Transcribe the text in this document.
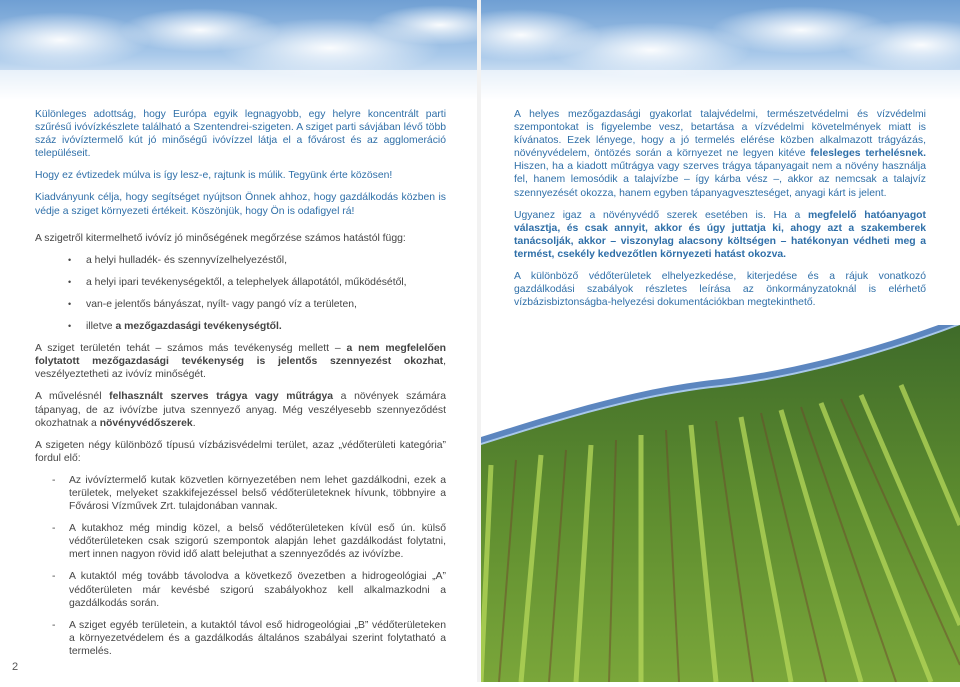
Különleges adottság, hogy Európa egyik legnagyobb, egy helyre koncentrált parti szűrésű ivóvízkészlete található a Szentendrei-szigeten. A sziget parti sávjában lévő több száz ivóvíztermelő kút jó minőségű ivóvízzel látja el a fővárost és az agglomeráció településeit.

Hogy ez évtizedek múlva is így lesz-e, rajtunk is múlik. Tegyünk érte közösen!

Kiadványunk célja, hogy segítséget nyújtson Önnek ahhoz, hogy gazdálkodás közben is védje a sziget környezeti értékeit. Köszönjük, hogy Ön is odafigyel rá!

A szigetről kitermelhető ivóvíz jó minőségének megőrzése számos hatástól függ:

• a helyi hulladék- és szennyvízelhelyezéstől,
• a helyi ipari tevékenységektől, a telephelyek állapotától, működésétől,
• van-e jelentős bányászat, nyílt- vagy pangó víz a területen,
• illetve a mezőgazdasági tevékenységtől.

A sziget területén tehát – számos más tevékenység mellett – a nem megfelelően folytatott mezőgazdasági tevékenység is jelentős szennyezést okozhat, veszélyeztetheti az ivóvíz minőségét.

A művelésnél felhasznált szerves trágya vagy műtrágya a növények számára tápanyag, de az ivóvízbe jutva szennyező anyag. Még veszélyesebb szennyeződést okozhatnak a növényvédőszerek.

A szigeten négy különböző típusú vízbázisvédelmi terület, azaz „védőterületi kategória” fordul elő:

- Az ivóvíztermelő kutak közvetlen környezetében nem lehet gazdálkodni, ezek a területek, melyeket szakkifejezéssel belső védőterületeknek hívunk, többnyire a Fővárosi Vízművek Zrt. tulajdonában vannak.
- A kutakhoz még mindig közel, a belső védőterületeken kívül eső ún. külső védőterületeken csak szigorú szempontok alapján lehet gazdálkodást folytatni, mert innen nagyon rövid idő alatt belejuthat a szennyeződés az ivóvízbe.
- A kutaktól még tovább távolodva a következő övezetben a hidrogeológiai „A” védőterületen már kevésbé szigorú szabályokhoz kell alkalmazkodni a gazdálkodás során.
- A sziget egyéb területein, a kutaktól távol eső hidrogeológiai „B” védőterületeken a környezetvédelem és a gazdálkodás általános szabályai szerint folytatható a termelés.

A helyes mezőgazdasági gyakorlat talajvédelmi, természetvédelmi és vízvédelmi szempontokat is figyelembe vesz, betartása a vízvédelmi követelmények miatt is kívánatos. Ezek lényege, hogy a jó termelés elérése közben alkalmazott trágyázás, növényvédelem, öntözés során a környezet ne legyen kitéve felesleges terhelésnek. Hiszen, ha a kiadott műtrágya vagy szerves trágya tápanyagait nem a növény használja fel, hanem lemosódik a talajvízbe – így kárba vész –, akkor az nemcsak a talajvíz szennyezését okozza, hanem egyben tápanyagveszteséget, anyagi kárt is jelent.

Ugyanez igaz a növényvédő szerek esetében is. Ha a megfelelő hatóanyagot választja, és csak annyit, akkor és úgy juttatja ki, ahogy azt a szakemberek tanácsolják, akkor – viszonylag alacsony költségen – hatékonyan védheti meg a termést, csekély kedvezőtlen környezeti hatást okozva.

A különböző védőterületek elhelyezkedése, kiterjedése és a rájuk vonatkozó gazdálkodási szabályok részletes leírása az önkormányzatoknál is elérhető vízbázisbiztonságba-helyezési dokumentációkban megtekinthető.

2
